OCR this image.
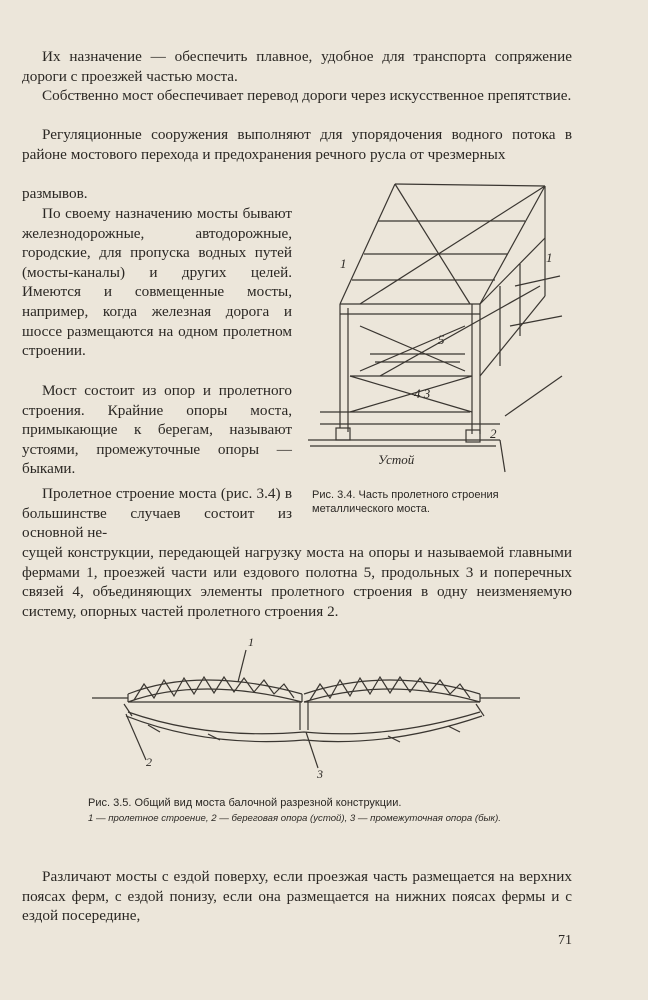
Их назначение — обеспечить плавное, удобное для транспорта сопряжение дороги с проезжей частью моста.
Собственно мост обеспечивает перевод дороги через искусственное препятствие.
Регуляционные сооружения выполняют для упорядочения водного потока в районе мостового перехода и предохранения речного русла от чрезмерных
размывов.
По своему назначению мосты бывают железнодорожные, автодорожные, городские, для пропуска водных путей (мосты-каналы) и других целей. Имеются и совмещенные мосты, например, когда железная дорога и шоссе размещаются на одном пролетном строении.
Мост состоит из опор и пролетного строения. Крайние опоры моста, примыкающие к берегам, называют устоями, промежуточные опоры — быками.
Пролетное строение моста (рис. 3.4) в большинстве случаев состоит из основной не-
сущей конструкции, передающей нагрузку моста на опоры и называемой главными фермами 1, проезжей части или ездового полотна 5, продольных 3 и поперечных связей 4, объединяющих элементы пролетного строения в одну неизменяемую систему, опорных частей пролетного строения 2.
1	1
5
4 3
2
Устой
Рис. 3.4. Часть пролетного строения металлического моста.
1
2
3
Рис. 3.5. Общий вид моста балочной разрезной конструкции.
1 — пролетное строение, 2 — береговая опора (устой), 3 — промежуточная опора (бык).
Различают мосты с ездой поверху, если проезжая часть размещается на верхних поясах ферм, с ездой понизу, если она размещается на нижних поясах фермы и с ездой посередине,
71
